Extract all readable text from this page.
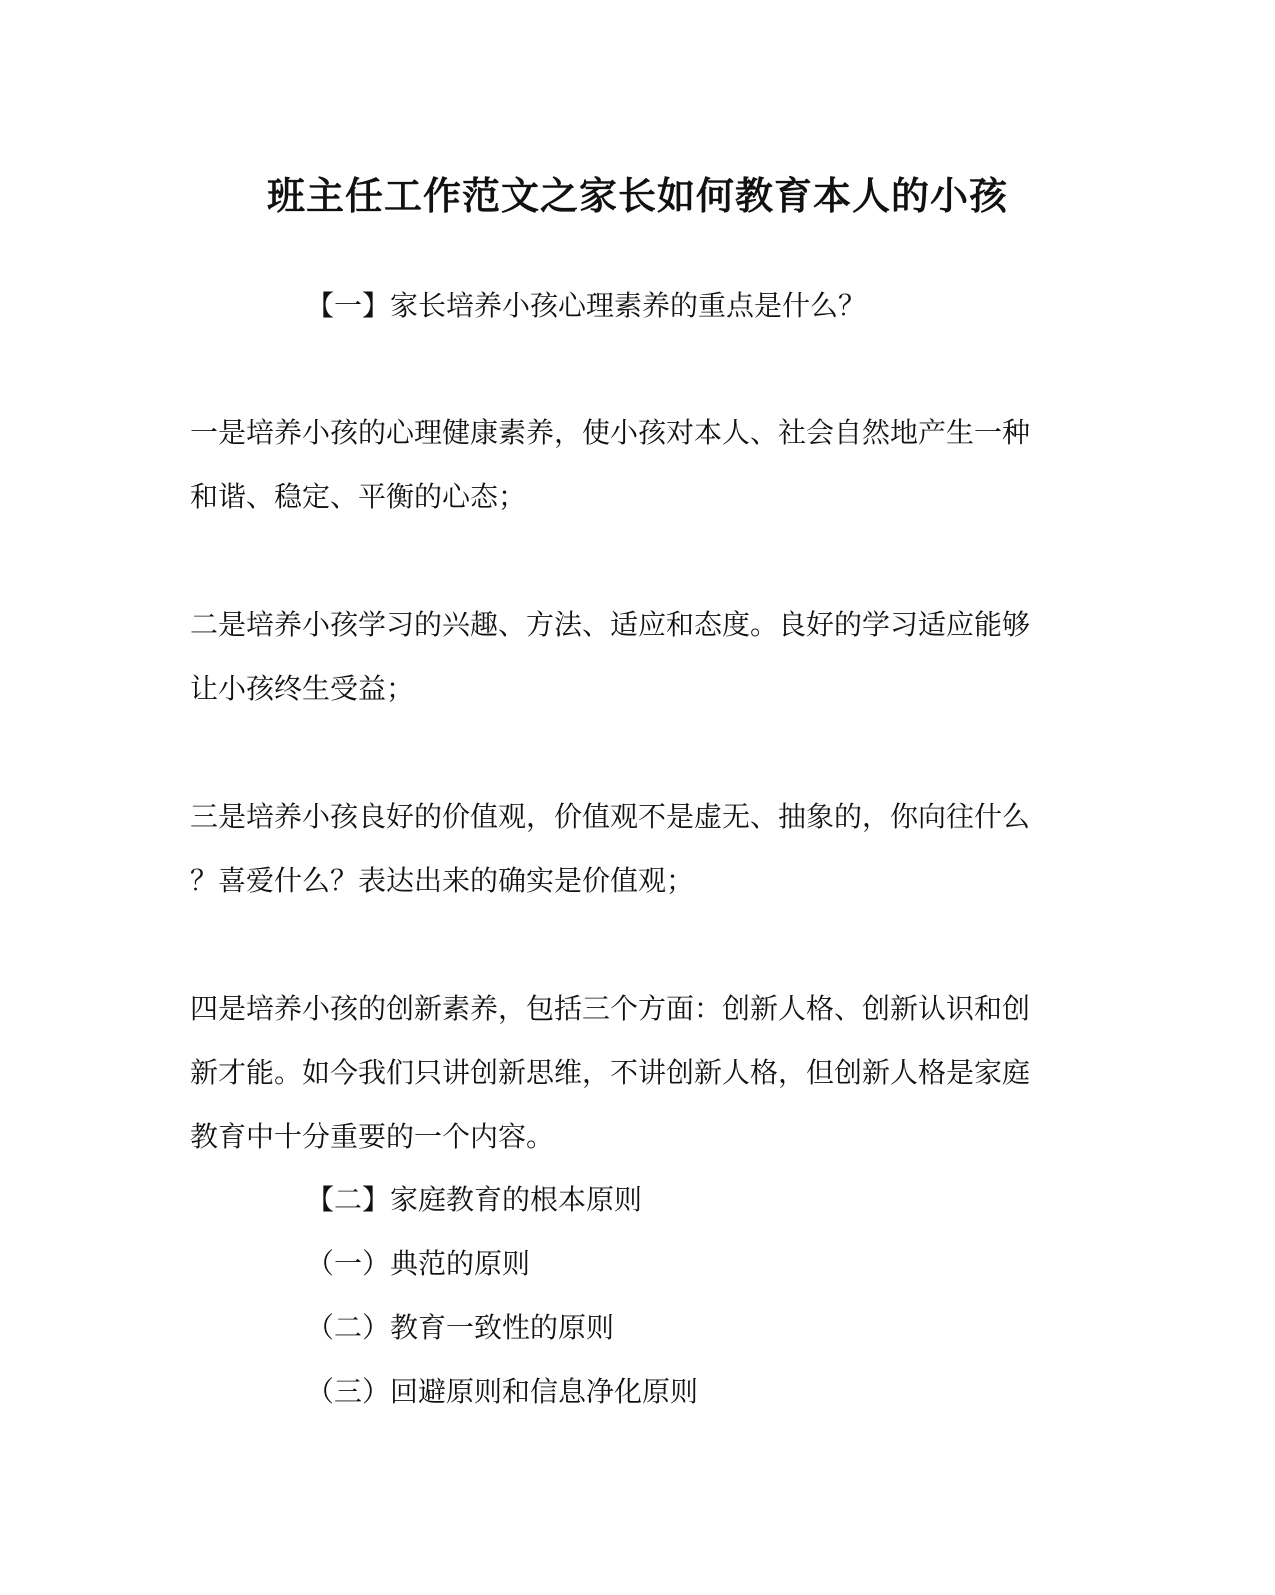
班主任工作范文之家长如何教育本人的小孩
【一】家长培养小孩心理素养的重点是什么？
一是培养小孩的心理健康素养，使小孩对本人、社会自然地产生一种
和谐、稳定、平衡的心态；
二是培养小孩学习的兴趣、方法、适应和态度。良好的学习适应能够
让小孩终生受益；
三是培养小孩良好的价值观，价值观不是虚无、抽象的，你向往什么
？喜爱什么？表达出来的确实是价值观；
四是培养小孩的创新素养，包括三个方面：创新人格、创新认识和创
新才能。如今我们只讲创新思维，不讲创新人格，但创新人格是家庭
教育中十分重要的一个内容。
【二】家庭教育的根本原则
（一）典范的原则
（二）教育一致性的原则
（三）回避原则和信息净化原则
